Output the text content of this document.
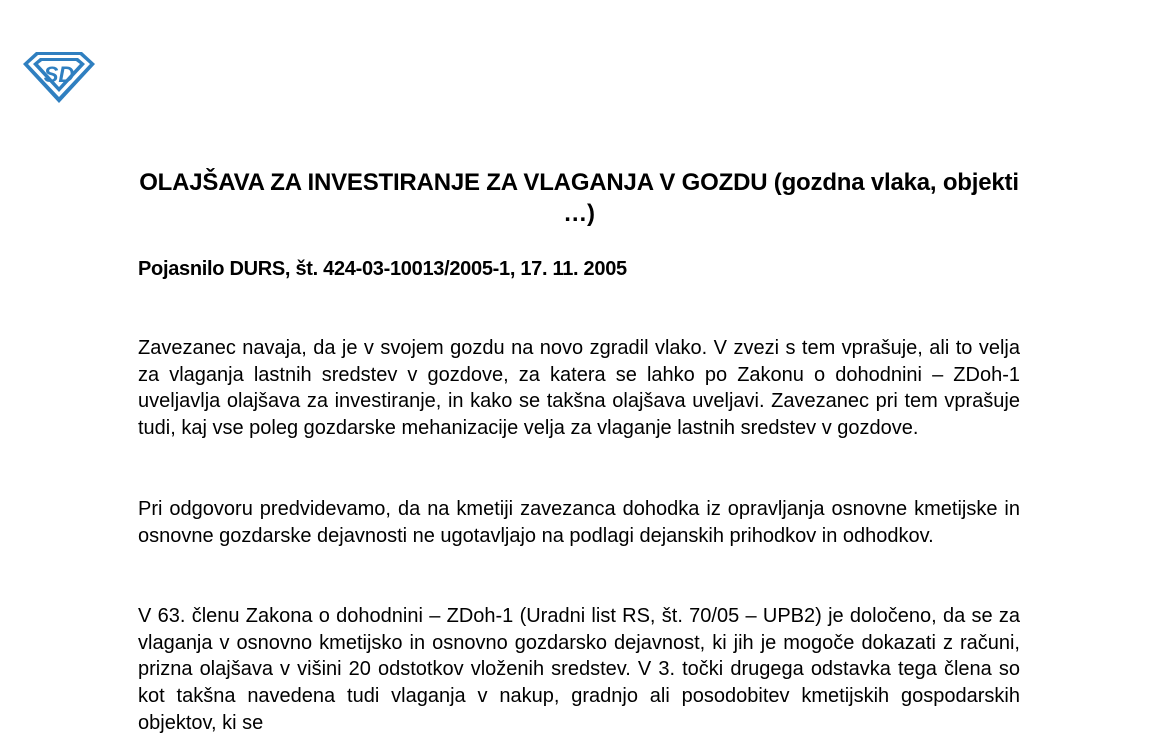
SD
OLAJŠAVA ZA INVESTIRANJE ZA VLAGANJA V GOZDU (gozdna vlaka, objekti …)
Pojasnilo DURS, št. 424-03-10013/2005-1, 17. 11. 2005

Zavezanec navaja, da je v svojem gozdu na novo zgradil vlako. V zvezi s tem vprašuje, ali to velja za vlaganja lastnih sredstev v gozdove, za katera se lahko po Zakonu o dohodnini – ZDoh-1 uveljavlja olajšava za investiranje, in kako se takšna olajšava uveljavi. Zavezanec pri tem vprašuje tudi, kaj vse poleg gozdarske mehanizacije velja za vlaganje lastnih sredstev v gozdove.

Pri odgovoru predvidevamo, da na kmetiji zavezanca dohodka iz opravljanja osnovne kmetijske in osnovne gozdarske dejavnosti ne ugotavljajo na podlagi dejanskih prihodkov in odhodkov.

V 63. členu Zakona o dohodnini – ZDoh-1 (Uradni list RS, št. 70/05 – UPB2) je določeno, da se za vlaganja v osnovno kmetijsko in osnovno gozdarsko dejavnost, ki jih je mogoče dokazati z računi, prizna olajšava v višini 20 odstotkov vloženih sredstev. V 3. točki drugega odstavka tega člena so kot takšna navedena tudi vlaganja v nakup, gradnjo ali posodobitev kmetijskih gospodarskih objektov, ki se
